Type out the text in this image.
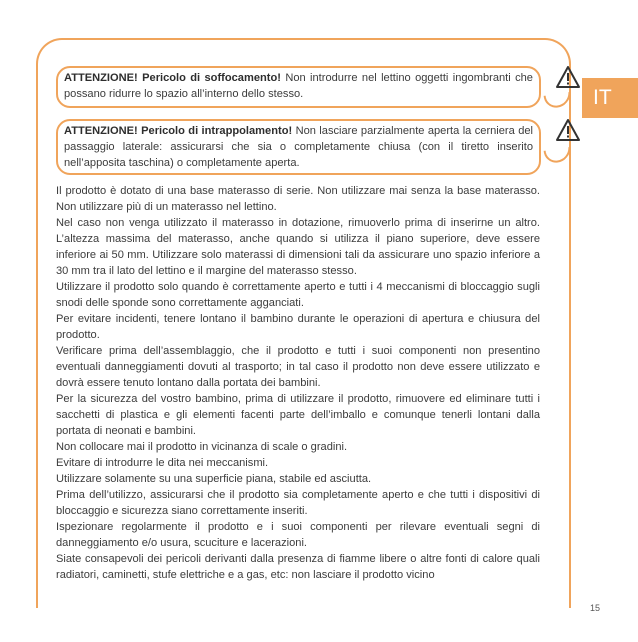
IT
ATTENZIONE! Pericolo di soffocamento! Non introdurre nel lettino oggetti ingombranti che possano ridurre lo spazio all’interno dello stesso.
ATTENZIONE! Pericolo di intrappolamento! Non lasciare parzialmente aperta la cerniera del passaggio laterale: assicurarsi che sia o completamente chiusa (con il tiretto inserito nell’apposita taschina) o completamente aperta.

Il prodotto è dotato di una base materasso di serie. Non utilizzare mai senza la base materasso. Non utilizzare più di un materasso nel lettino.

Nel caso non venga utilizzato il materasso in dotazione, rimuoverlo prima di inserirne un altro. L’altezza massima del materasso, anche quando si utilizza il piano superiore, deve essere inferiore ai 50 mm. Utilizzare solo materassi di dimensioni tali da assicurare uno spazio inferiore a 30 mm tra il lato del lettino e il margine del materasso stesso.

Utilizzare il prodotto solo quando è correttamente aperto e tutti i 4 meccanismi di bloccaggio sugli snodi delle sponde sono correttamente agganciati.

Per evitare incidenti, tenere lontano il bambino durante le operazioni di apertura e chiusura del prodotto.

Verificare prima dell’assemblaggio, che il prodotto e tutti i suoi componenti non presentino eventuali danneggiamenti dovuti al trasporto; in tal caso il prodotto non deve essere utilizzato e dovrà essere tenuto lontano dalla portata dei bambini.

Per la sicurezza del vostro bambino, prima di utilizzare il prodotto, rimuovere ed eliminare tutti i sacchetti di plastica e gli elementi facenti parte dell’imballo e comunque tenerli lontani dalla portata di neonati e bambini.

Non collocare mai il prodotto in vicinanza di scale o gradini.

Evitare di introdurre le dita nei meccanismi.

Utilizzare solamente su una superficie piana, stabile ed asciutta.

Prima dell’utilizzo, assicurarsi che il prodotto sia completamente aperto e che tutti i dispositivi di bloccaggio e sicurezza siano correttamente inseriti.

Ispezionare regolarmente il prodotto e i suoi componenti per rilevare eventuali segni di danneggiamento e/o usura, scuciture e lacerazioni.

Siate consapevoli dei pericoli derivanti dalla presenza di fiamme libere o altre fonti di calore quali radiatori, caminetti, stufe elettriche e a gas, etc: non lasciare il prodotto vicino

15
